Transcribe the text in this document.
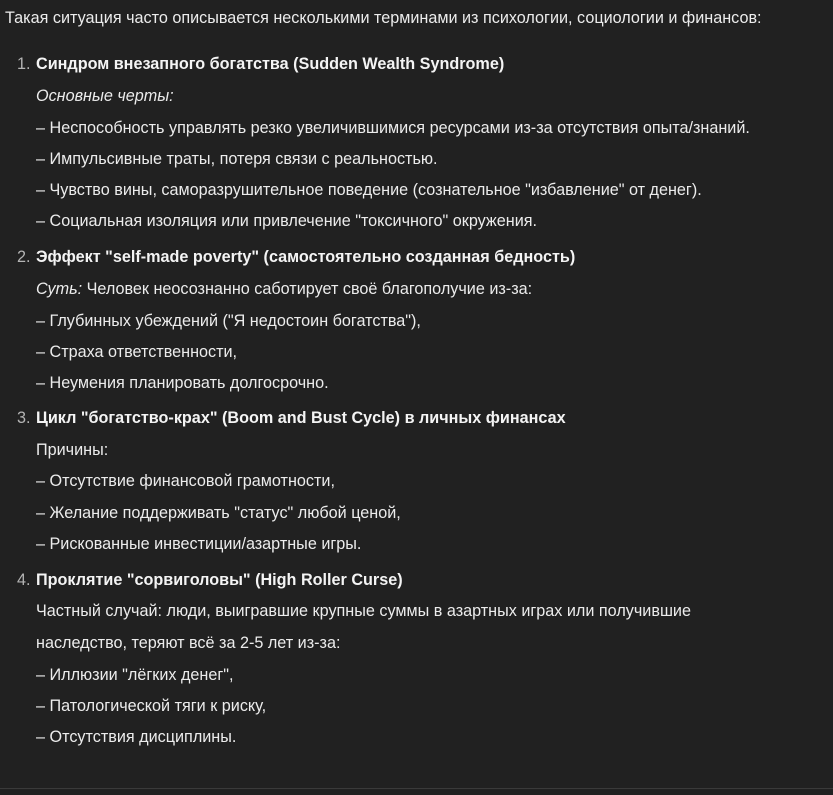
Такая ситуация часто описывается несколькими терминами из психологии, социологии и финансов:
1. Синдром внезапного богатства (Sudden Wealth Syndrome)
Основные черты:
– Неспособность управлять резко увеличившимися ресурсами из-за отсутствия опыта/знаний.
– Импульсивные траты, потеря связи с реальностью.
– Чувство вины, саморазрушительное поведение (сознательное "избавление" от денег).
– Социальная изоляция или привлечение "токсичного" окружения.
2. Эффект "self-made poverty" (самостоятельно созданная бедность)
Суть: Человек неосознанно саботирует своё благополучие из-за:
– Глубинных убеждений ("Я недостоин богатства"),
– Страха ответственности,
– Неумения планировать долгосрочно.
3. Цикл "богатство-крах" (Boom and Bust Cycle) в личных финансах
Причины:
– Отсутствие финансовой грамотности,
– Желание поддерживать "статус" любой ценой,
– Рискованные инвестиции/азартные игры.
4. Проклятие "сорвиголовы" (High Roller Curse)
Частный случай: люди, выигравшие крупные суммы в азартных играх или получившие
наследство, теряют всё за 2-5 лет из-за:
– Иллюзии "лёгких денег",
– Патологической тяги к риску,
– Отсутствия дисциплины.
